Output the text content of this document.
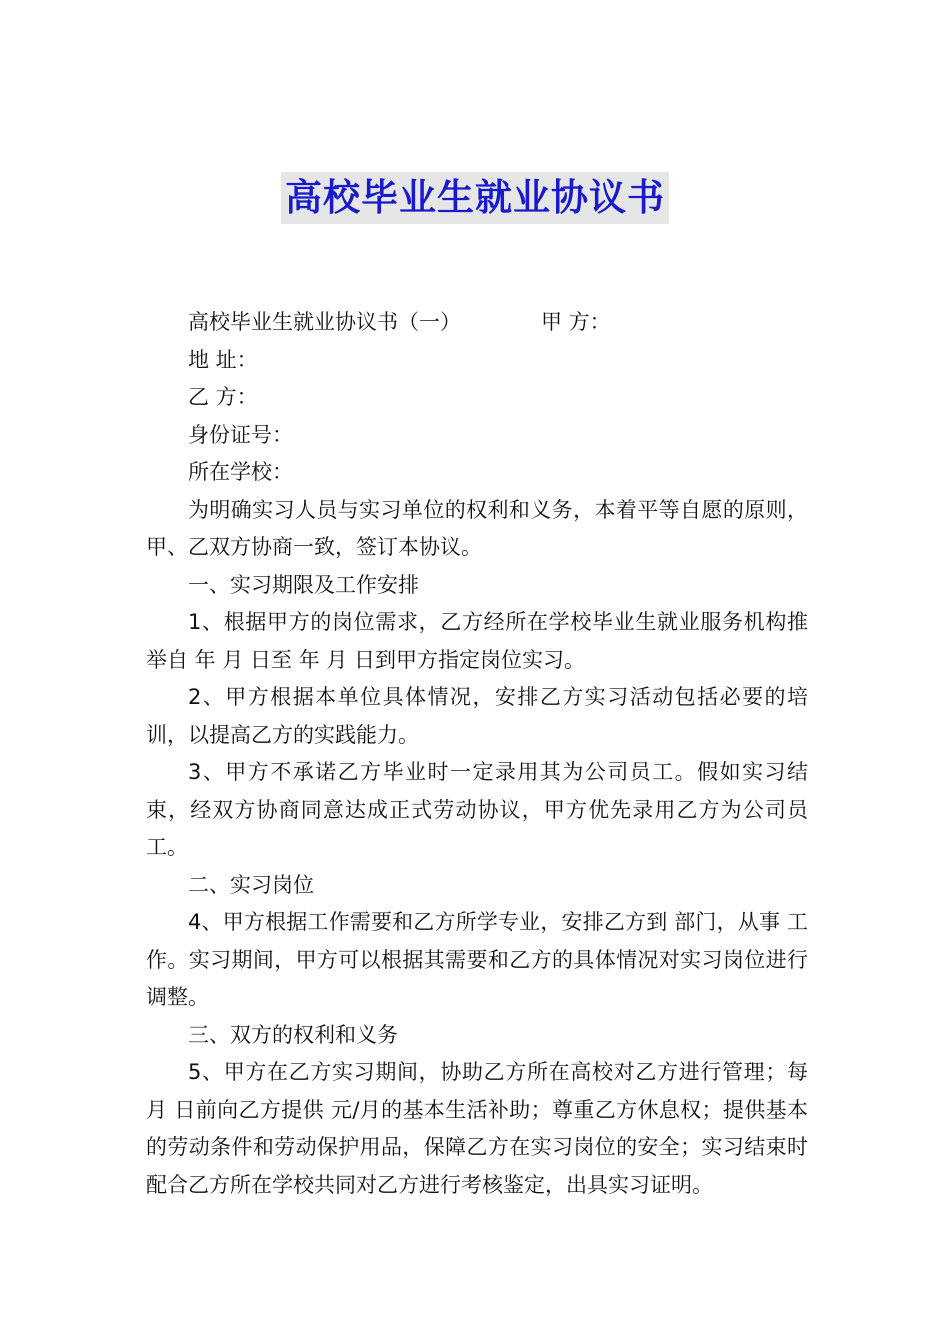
高校毕业生就业协议书

高校毕业生就业协议书（一）	甲 方：

地 址：

乙 方：

身份证号：

所在学校：

为明确实习人员与实习单位的权利和义务，本着平等自愿的原则，甲、乙双方协商一致，签订本协议。

一、实习期限及工作安排

1、根据甲方的岗位需求，乙方经所在学校毕业生就业服务机构推举自 年 月 日至 年 月 日到甲方指定岗位实习。

2、甲方根据本单位具体情况，安排乙方实习活动包括必要的培训，以提高乙方的实践能力。

3、甲方不承诺乙方毕业时一定录用其为公司员工。假如实习结束，经双方协商同意达成正式劳动协议，甲方优先录用乙方为公司员工。

二、实习岗位

4、甲方根据工作需要和乙方所学专业，安排乙方到 部门，从事 工作。实习期间，甲方可以根据其需要和乙方的具体情况对实习岗位进行调整。

三、双方的权利和义务

5、甲方在乙方实习期间，协助乙方所在高校对乙方进行管理；每月 日前向乙方提供 元/月的基本生活补助；尊重乙方休息权；提供基本的劳动条件和劳动保护用品，保障乙方在实习岗位的安全；实习结束时配合乙方所在学校共同对乙方进行考核鉴定，出具实习证明。
